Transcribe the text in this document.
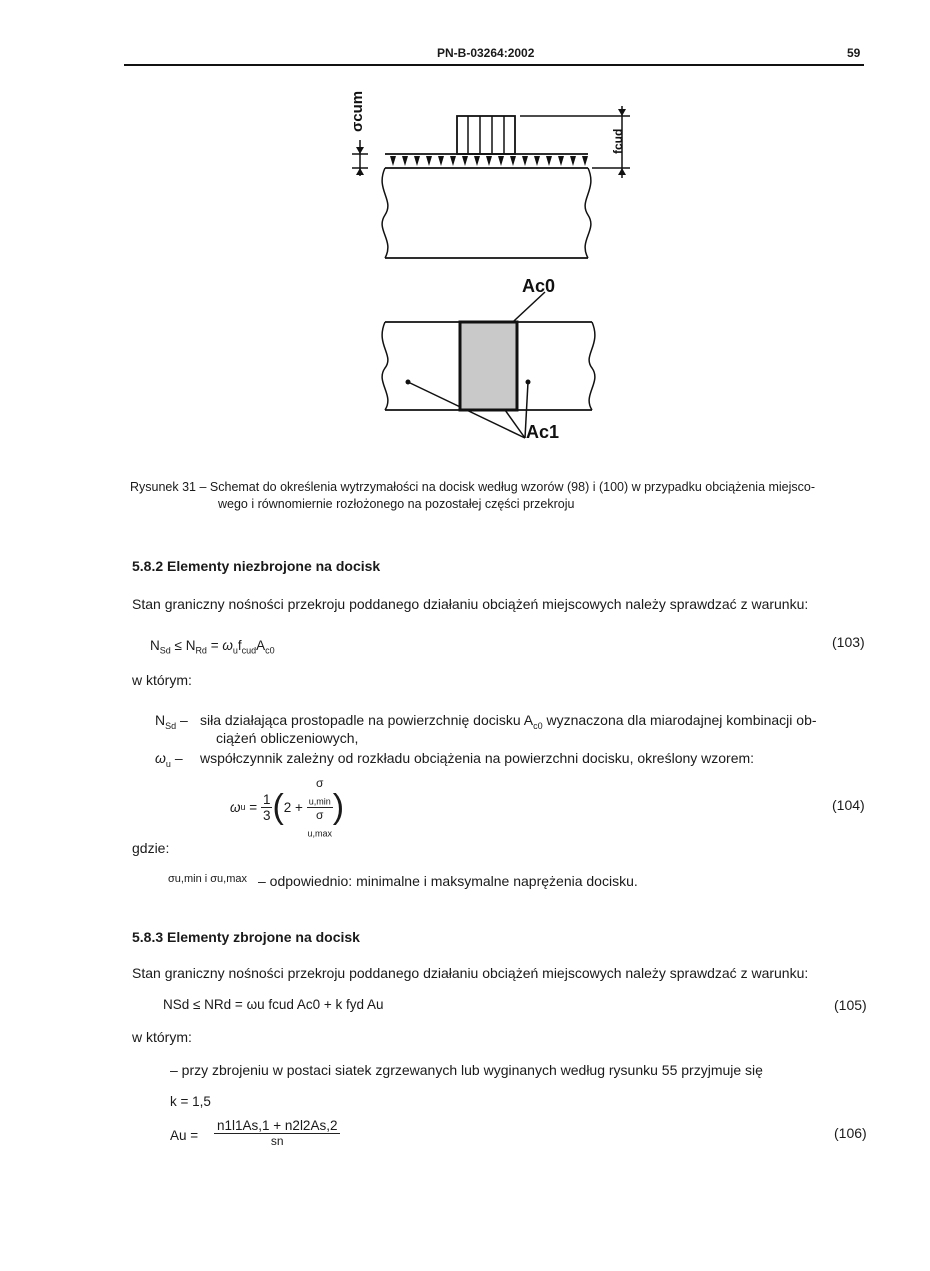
PN-B-03264:2002	59
σcum
fcud
Ac0
Ac1
Rysunek 31 – Schemat do określenia wytrzymałości na docisk według wzorów (98) i (100) w przypadku obciążenia miejsco-
wego i równomiernie rozłożonego na pozostałej części przekroju
5.8.2 Elementy niezbrojone na docisk
Stan graniczny nośności przekroju poddanego działaniu obciążeń miejscowych należy sprawdzać z warunku:
$N_{Sd} \le N_{Rd} = \omega_uf_{cud}A_{c0}$
(103)
w którym:
$N_{Sd}$ – siła działająca prostopadle na powierzchnię docisku $A_{c0}$ wyznaczona dla miarodajnej kombinacji ob-
ciążeń obliczeniowych,
$\omega_u$ – współczynnik zależny od rozkładu obciążenia na powierzchni docisku, określony wzorem:
ω u
=
$\frac{1}{3}$ ( 2 +

σ
$_{u,min}$
σ
$_{u,max}$
)	(104)
gdzie:
σu,min i σu,max – odpowiednio: minimalne i maksymalne naprężenia docisku.
5.8.3 Elementy zbrojone na docisk
Stan graniczny nośności przekroju poddanego działaniu obciążeń miejscowych należy sprawdzać z warunku:
NSd ≤ NRd = ωu fcud Ac0 + k fyd Au	(105)
w którym:
– przy zbrojeniu w postaci siatek zgrzewanych lub wyginanych według rysunku 55 przyjmuje się
k = 1,5
$Au = \frac{n1l1As,1 + n2l2As,2}{sn}$	(106)
